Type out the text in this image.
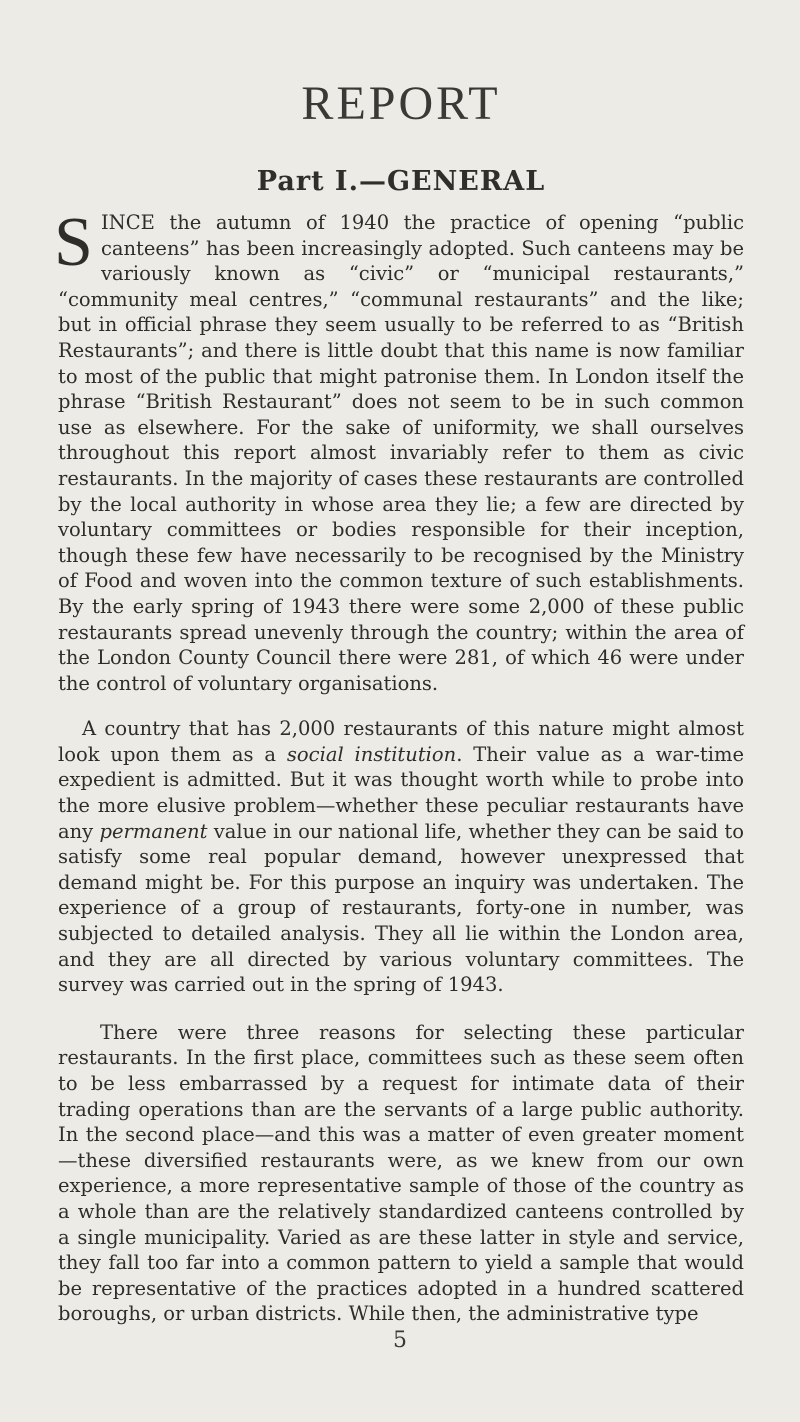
REPORT
Part I.—GENERAL

SINCE the autumn of 1940 the practice of opening “public canteens” has been increasingly adopted. Such canteens may be variously known as “civic” or “municipal restaurants,” “community meal centres,” “communal restaurants” and the like; but in official phrase they seem usually to be referred to as “British Restaurants”; and there is little doubt that this name is now familiar to most of the public that might patronise them. In London itself the phrase “British Restaurant” does not seem to be in such common use as elsewhere. For the sake of uniformity, we shall ourselves throughout this report almost invariably refer to them as civic restaurants. In the majority of cases these restaurants are controlled by the local authority in whose area they lie; a few are directed by voluntary committees or bodies responsible for their inception, though these few have necessarily to be recognised by the Ministry of Food and woven into the common texture of such establishments. By the early spring of 1943 there were some 2,000 of these public restaurants spread unevenly through the country; within the area of the London County Council there were 281, of which 46 were under the control of voluntary organisations.

A country that has 2,000 restaurants of this nature might almost look upon them as a social institution. Their value as a war-time expedient is admitted. But it was thought worth while to probe into the more elusive problem—whether these peculiar restaurants have any permanent value in our national life, whether they can be said to satisfy some real popular demand, however unexpressed that demand might be. For this purpose an inquiry was undertaken. The experience of a group of restaurants, forty-one in number, was subjected to detailed analysis. They all lie within the London area, and they are all directed by various voluntary committees. The survey was carried out in the spring of 1943.

There were three reasons for selecting these particular restaurants. In the first place, committees such as these seem often to be less embarrassed by a request for intimate data of their trading operations than are the servants of a large public authority. In the second place—and this was a matter of even greater moment—these diversified restaurants were, as we knew from our own experience, a more representative sample of those of the country as a whole than are the relatively standardized canteens controlled by a single municipality. Varied as are these latter in style and service, they fall too far into a common pattern to yield a sample that would be representative of the practices adopted in a hundred scattered boroughs, or urban districts. While then, the administrative type

5
